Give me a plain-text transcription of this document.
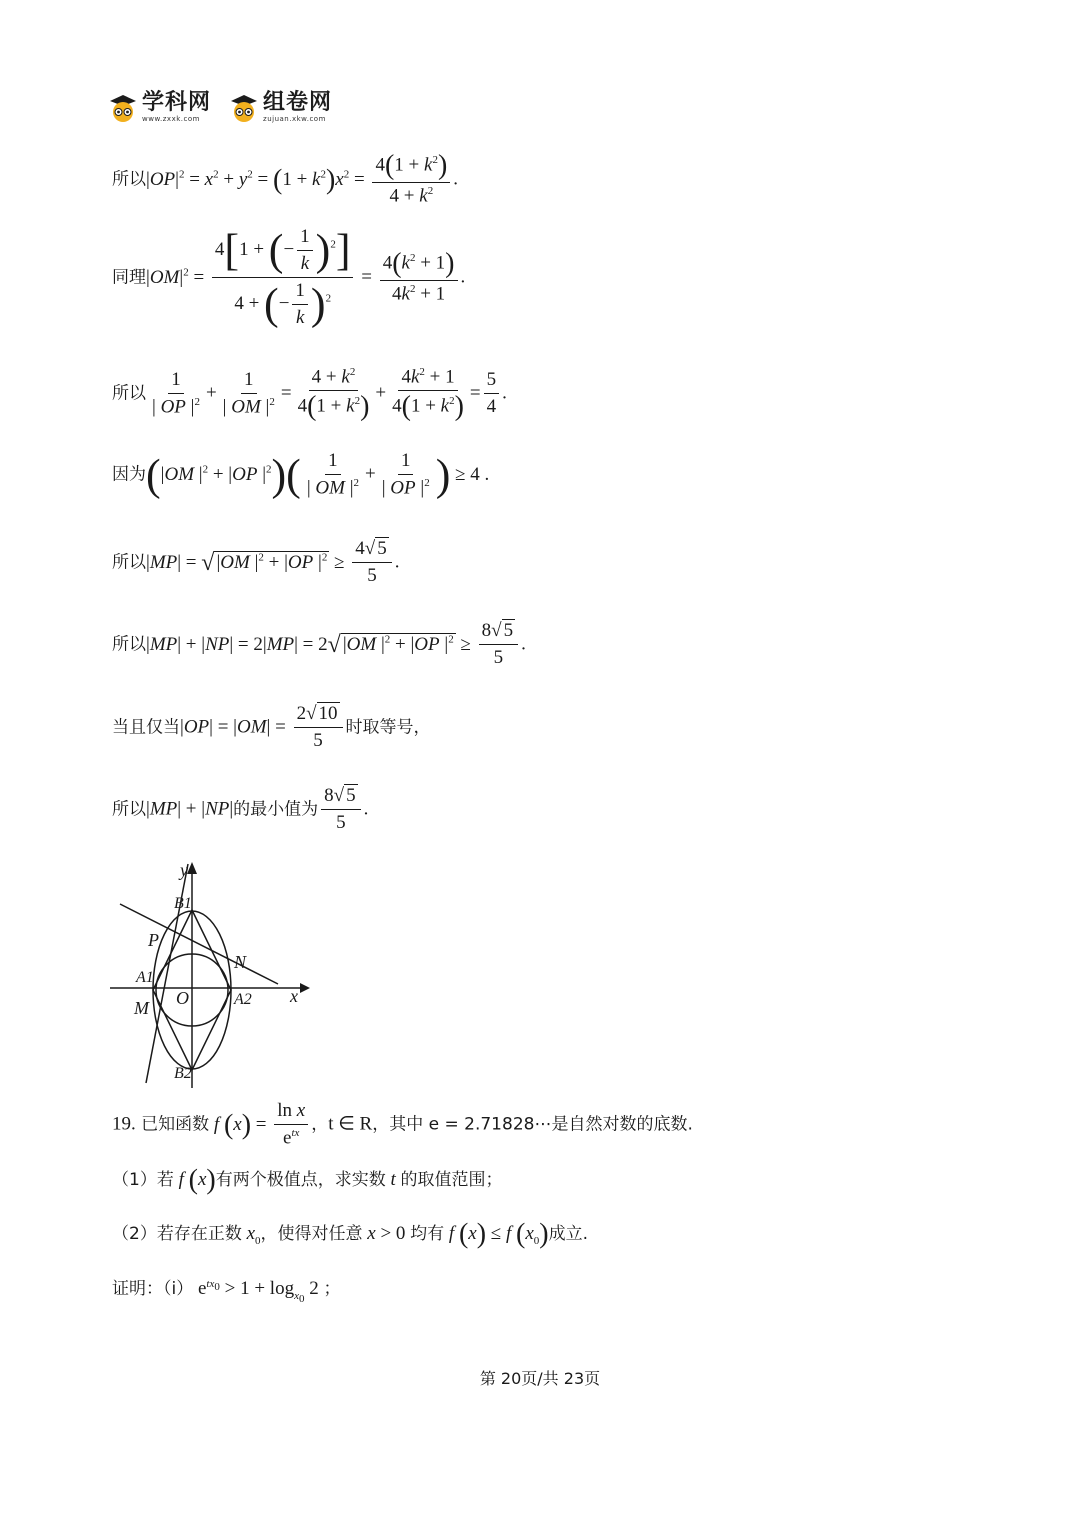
学科网
www.zxxk.com
组卷网
zujuan.xkw.com
所以$|OP|^2 = x^2 + y^2 = (1 + k^2)x^2 = \frac{4(1 + k^2)}{4 + k^2}$ .
同理$|OM|^2 = \frac{4[1 + (- \frac{1}{k} )^2]}{4 + (- \frac{1}{k} )^2} = \frac{4(k^2 + 1)}{4k^2 + 1}$ .
所以 $\frac{1}{| OP |^2} + \frac{1}{| OM |^2} = \frac{4 + k^2}{4(1 + k^2)} + \frac{4k^2 + 1}{4(1 + k^2)} = \frac{5}{4}$ .
因为(|OM $|^2 + |OP$ $|^2)( \frac{1}{| OM |^2} + \frac{1}{| OP |^2}$ ) ≥ 4 .
所以|MP| = √ |OM $|^2 + |OP$ $|^2 \ge \frac{4√ 5}{5}$ .
所以|MP| + |NP| = 2|MP| = 2√ |OM $|^2 + |OP$ $|^2 \ge \frac{8√ 5}{5}$ .
当且仅当$|OP| = |OM| = \frac{2√ 10}{5}$ 时取等号，
所以|MP| + |NP|的最小值为 $\frac{8√ 5}{5}$ .
y
B1
P
N
A1
O	A2 x
M
B2
19. 已知函数 f $(x) = \frac{\text{ln x}}{e^{tx}}$ ，t ∈ R，其中 e = 2.71828⋯是自然对数的底数.
（1）若 f (x)有两个极值点，求实数 t 的取值范围；
（2）若存在正数 $x_0$，使得对任意 x > 0 均有 f (x) ≤ f $(x_0)$成立.
证明：（ⅰ） $e^{tx_0} > 1 + \log_{x_0} 2$ ；
第 20页/共 23页
